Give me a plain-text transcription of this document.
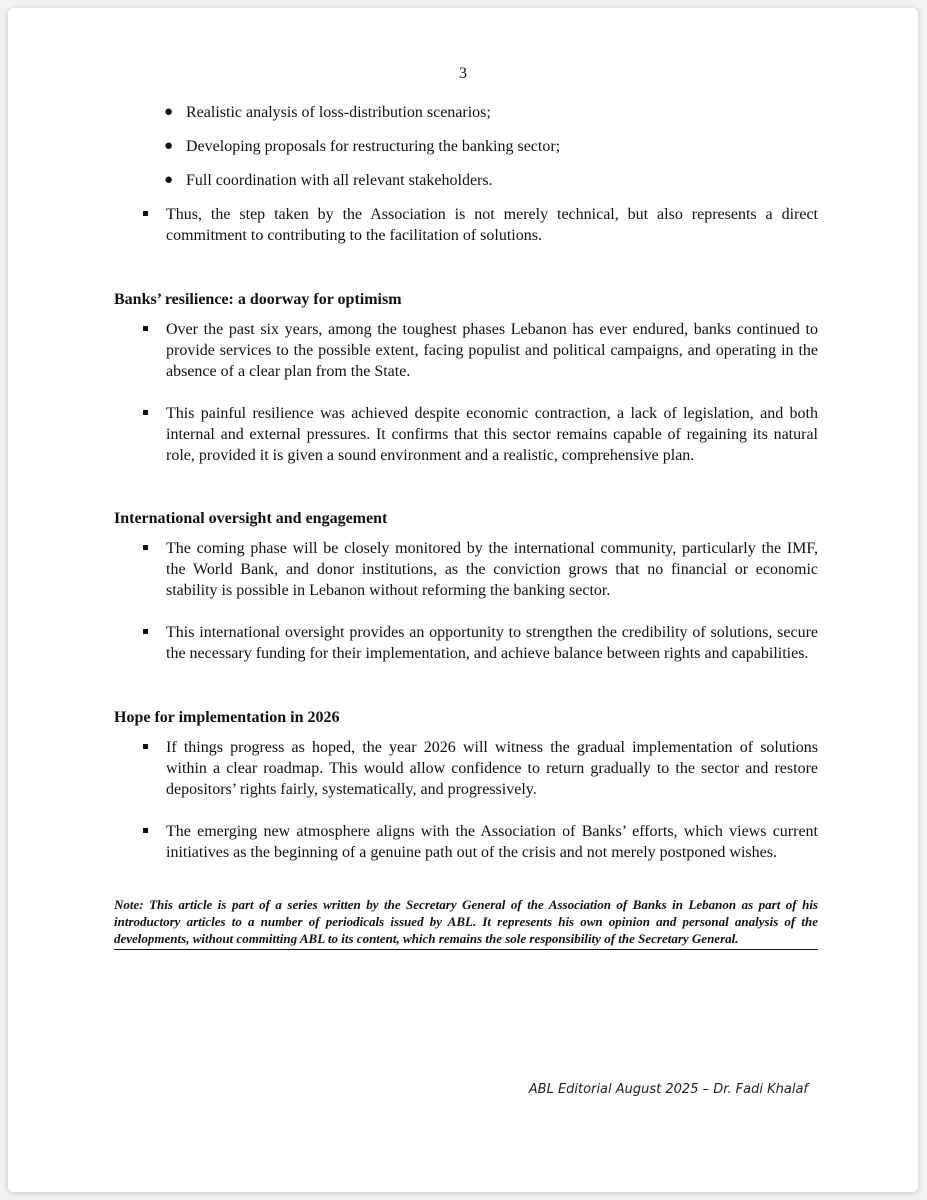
3
● Realistic analysis of loss-distribution scenarios;
● Developing proposals for restructuring the banking sector;
● Full coordination with all relevant stakeholders.
Thus, the step taken by the Association is not merely technical, but also represents a direct commitment to contributing to the facilitation of solutions.

Banks’ resilience: a doorway for optimism

Over the past six years, among the toughest phases Lebanon has ever endured, banks continued to provide services to the possible extent, facing populist and political campaigns, and operating in the absence of a clear plan from the State.
This painful resilience was achieved despite economic contraction, a lack of legislation, and both internal and external pressures. It confirms that this sector remains capable of regaining its natural role, provided it is given a sound environment and a realistic, comprehensive plan.

International oversight and engagement

The coming phase will be closely monitored by the international community, particularly the IMF, the World Bank, and donor institutions, as the conviction grows that no financial or economic stability is possible in Lebanon without reforming the banking sector.
This international oversight provides an opportunity to strengthen the credibility of solutions, secure the necessary funding for their implementation, and achieve balance between rights and capabilities.

Hope for implementation in 2026

If things progress as hoped, the year 2026 will witness the gradual implementation of solutions within a clear roadmap. This would allow confidence to return gradually to the sector and restore depositors’ rights fairly, systematically, and progressively.
The emerging new atmosphere aligns with the Association of Banks’ efforts, which views current initiatives as the beginning of a genuine path out of the crisis and not merely postponed wishes.

Note: This article is part of a series written by the Secretary General of the Association of Banks in Lebanon as part of his introductory articles to a number of periodicals issued by ABL. It represents his own opinion and personal analysis of the developments, without committing ABL to its content, which remains the sole responsibility of the Secretary General.

ABL Editorial August 2025 – Dr. Fadi Khalaf
